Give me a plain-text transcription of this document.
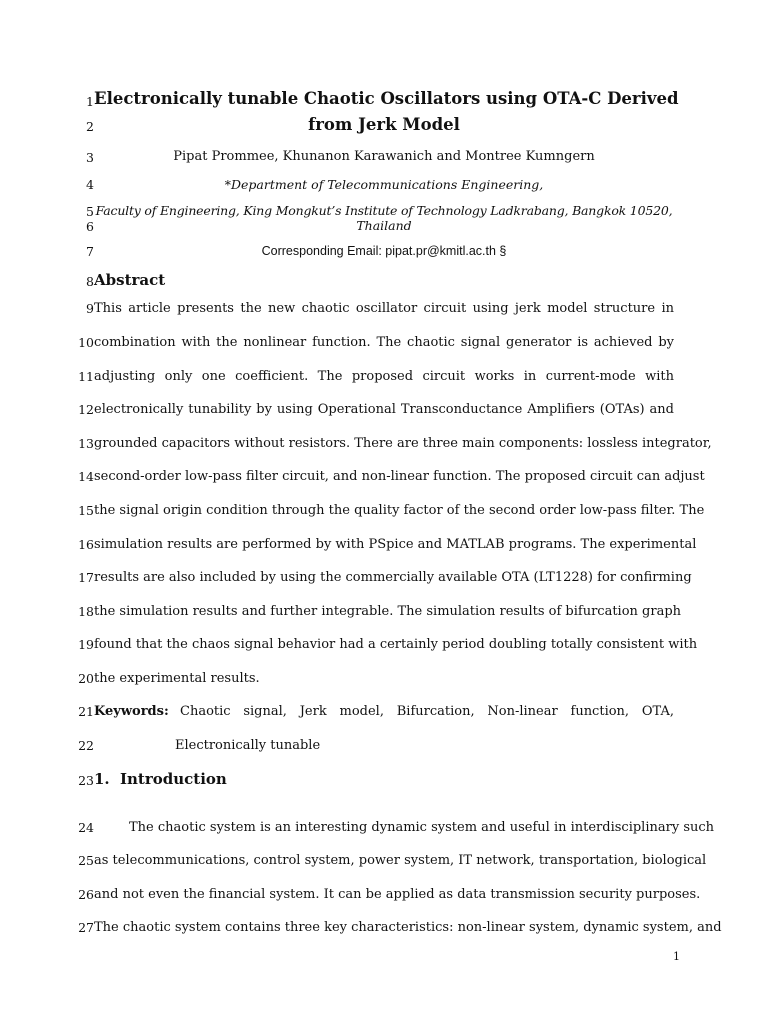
1
2
3
4
5
6
7
8
9
10
11
12
13
14
15
16
17
18
19
20
21
22
23
24
25
26
27
Electronically tunable Chaotic Oscillators using OTA-C Derived
from Jerk Model
Pipat Prommee, Khunanon Karawanich and Montree Kumngern
*Department of Telecommunications Engineering,
Faculty of Engineering, King Mongkut’s Institute of Technology Ladkrabang, Bangkok 10520,
Thailand
Corresponding Email: pipat.pr@kmitl.ac.th §
Abstract
This article presents the new chaotic oscillator circuit using jerk model structure in
combination with the nonlinear function. The chaotic signal generator is achieved by
adjusting only one coefficient. The proposed circuit works in current-mode with
electronically tunability by using Operational Transconductance Amplifiers (OTAs) and
grounded capacitors without resistors. There are three main components: lossless integrator,
second-order low-pass filter circuit, and non-linear function. The proposed circuit can adjust
the signal origin condition through the quality factor of the second order low-pass filter. The
simulation results are performed by with PSpice and MATLAB programs. The experimental
results are also included by using the commercially available OTA (LT1228) for confirming
the simulation results and further integrable. The simulation results of bifurcation graph
found that the chaos signal behavior had a certainly period doubling totally consistent with
the experimental results.
Keywords: Chaotic signal, Jerk model, Bifurcation, Non-linear function, OTA,
Electronically tunable
1. Introduction
The chaotic system is an interesting dynamic system and useful in interdisciplinary such
as telecommunications, control system, power system, IT network, transportation, biological
and not even the financial system. It can be applied as data transmission security purposes.
The chaotic system contains three key characteristics: non-linear system, dynamic system, and
1
